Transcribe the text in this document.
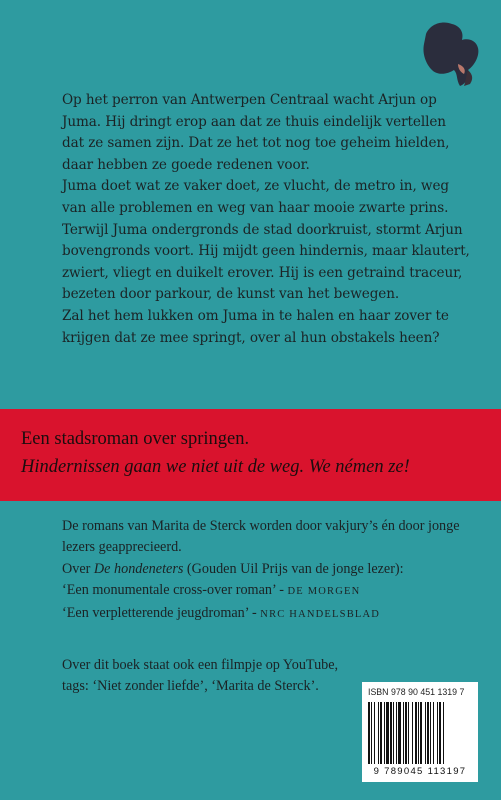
Op het perron van Antwerpen Centraal wacht Arjun op Juma. Hij dringt erop aan dat ze thuis eindelijk vertellen dat ze samen zijn. Dat ze het tot nog toe geheim hielden, daar hebben ze goede redenen voor.

Juma doet wat ze vaker doet, ze vlucht, de metro in, weg van alle problemen en weg van haar mooie zwarte prins. Terwijl Juma ondergronds de stad doorkruist, stormt Arjun bovengronds voort. Hij mijdt geen hindernis, maar klautert, zwiert, vliegt en duikelt erover. Hij is een getraind traceur, bezeten door parkour, de kunst van het bewegen.

Zal het hem lukken om Juma in te halen en haar zover te krijgen dat ze mee springt, over al hun obstakels heen?

Een stadsroman over springen.
Hindernissen gaan we niet uit de weg. We némen ze!

De romans van Marita de Sterck worden door vakjury’s én door jonge lezers geapprecieerd.

Over De hondeneters (Gouden Uil Prijs van de jonge lezer):

‘Een monumentale cross-over roman’ - DE MORGEN

‘Een verpletterende jeugdroman’ - NRC HANDELSBLAD

Over dit boek staat ook een filmpje op YouTube, tags: ‘Niet zonder liefde’, ‘Marita de Sterck’.	ISBN 978 90 451 1319 7
9 789045 113197
